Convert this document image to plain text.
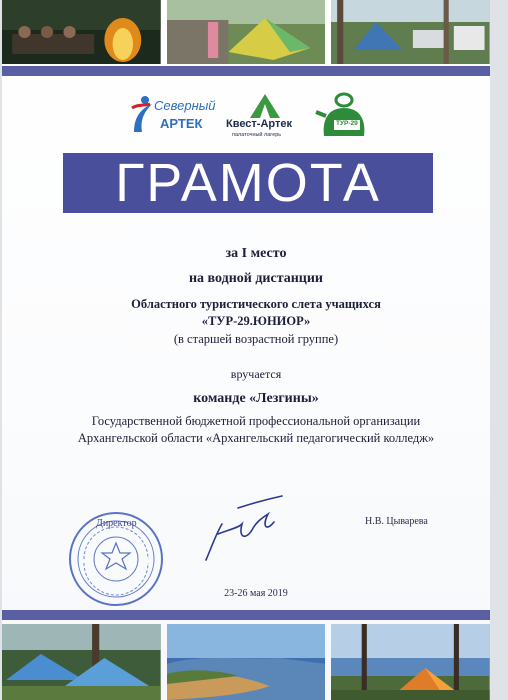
Северный
АРТЕК Квест-Артек
палаточный лагерь
ТУР-29
ГРАМОТА
за I место
на водной дистанции
Областного туристического слета учащихся
«ТУР-29.ЮНИОР»
(в старшей возрастной группе)
вручается
команде «Лезгины»
Государственной бюджетной профессиональной организации
Архангельской области «Архангельский педагогический колледж»
Директор	Н.В. Цыварева
23-26 мая 2019
